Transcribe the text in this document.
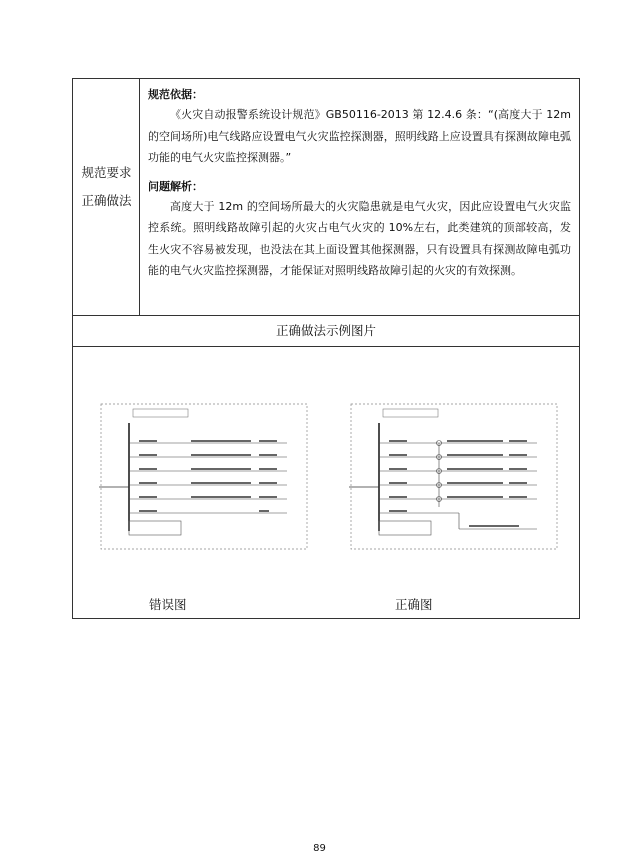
规范要求
正确做法
规范依据：

《火灾自动报警系统设计规范》GB50116-2013 第 12.4.6 条：“(高度大于 12m 的空间场所)电气线路应设置电气火灾监控探测器，照明线路上应设置具有探测故障电弧功能的电气火灾监控探测器。”

问题解析：

高度大于 12m 的空间场所最大的火灾隐患就是电气火灾，因此应设置电气火灾监控系统。照明线路故障引起的火灾占电气火灾的 10%左右，此类建筑的顶部较高，发生火灾不容易被发现，也没法在其上面设置其他探测器，只有设置具有探测故障电弧功能的电气火灾监控探测器，才能保证对照明线路故障引起的火灾的有效探测。

正确做法示例图片
错误图	正确图
89
